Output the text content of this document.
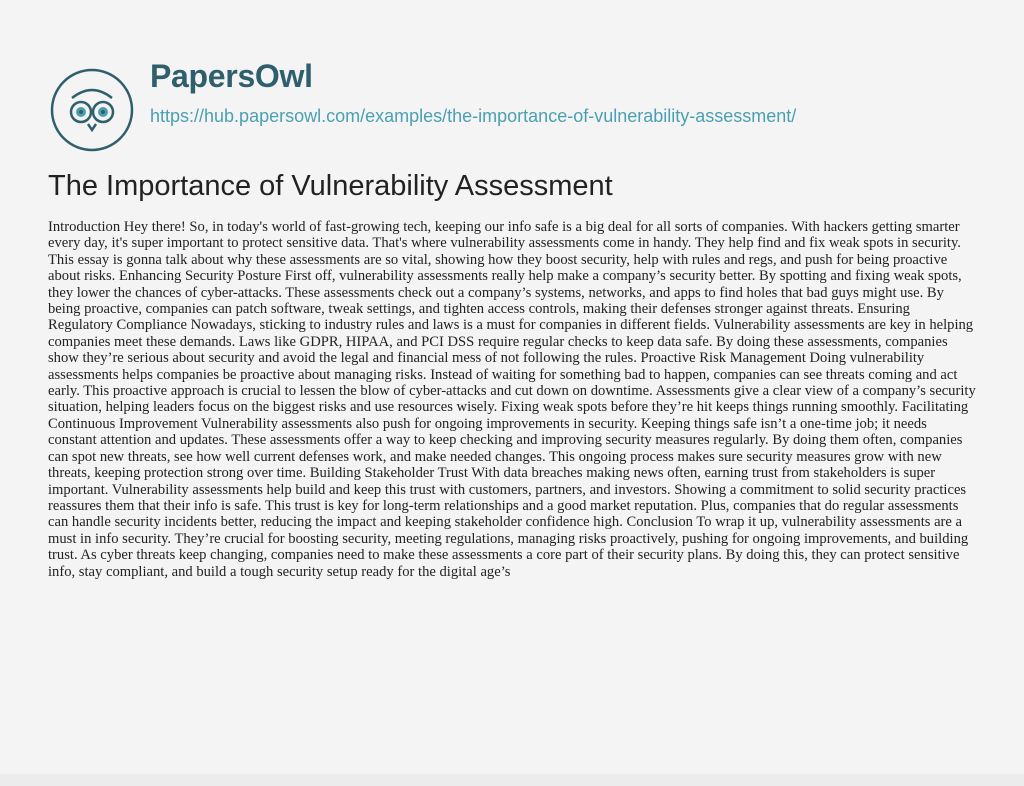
PapersOwl
https://hub.papersowl.com/examples/the-importance-of-vulnerability-assessment/
The Importance of Vulnerability Assessment

Introduction Hey there! So, in today's world of fast-growing tech, keeping our info safe is a big deal for all sorts of companies. With hackers getting smarter every day, it's super important to protect sensitive data. That's where vulnerability assessments come in handy. They help find and fix weak spots in security. This essay is gonna talk about why these assessments are so vital, showing how they boost security, help with rules and regs, and push for being proactive about risks. Enhancing Security Posture First off, vulnerability assessments really help make a company’s security better. By spotting and fixing weak spots, they lower the chances of cyber-attacks. These assessments check out a company’s systems, networks, and apps to find holes that bad guys might use. By being proactive, companies can patch software, tweak settings, and tighten access controls, making their defenses stronger against threats. Ensuring Regulatory Compliance Nowadays, sticking to industry rules and laws is a must for companies in different fields. Vulnerability assessments are key in helping companies meet these demands. Laws like GDPR, HIPAA, and PCI DSS require regular checks to keep data safe. By doing these assessments, companies show they’re serious about security and avoid the legal and financial mess of not following the rules. Proactive Risk Management Doing vulnerability assessments helps companies be proactive about managing risks. Instead of waiting for something bad to happen, companies can see threats coming and act early. This proactive approach is crucial to lessen the blow of cyber-attacks and cut down on downtime. Assessments give a clear view of a company’s security situation, helping leaders focus on the biggest risks and use resources wisely. Fixing weak spots before they’re hit keeps things running smoothly. Facilitating Continuous Improvement Vulnerability assessments also push for ongoing improvements in security. Keeping things safe isn’t a one-time job; it needs constant attention and updates. These assessments offer a way to keep checking and improving security measures regularly. By doing them often, companies can spot new threats, see how well current defenses work, and make needed changes. This ongoing process makes sure security measures grow with new threats, keeping protection strong over time. Building Stakeholder Trust With data breaches making news often, earning trust from stakeholders is super important. Vulnerability assessments help build and keep this trust with customers, partners, and investors. Showing a commitment to solid security practices reassures them that their info is safe. This trust is key for long-term relationships and a good market reputation. Plus, companies that do regular assessments can handle security incidents better, reducing the impact and keeping stakeholder confidence high. Conclusion To wrap it up, vulnerability assessments are a must in info security. They’re crucial for boosting security, meeting regulations, managing risks proactively, pushing for ongoing improvements, and building trust. As cyber threats keep changing, companies need to make these assessments a core part of their security plans. By doing this, they can protect sensitive info, stay compliant, and build a tough security setup ready for the digital age’s
